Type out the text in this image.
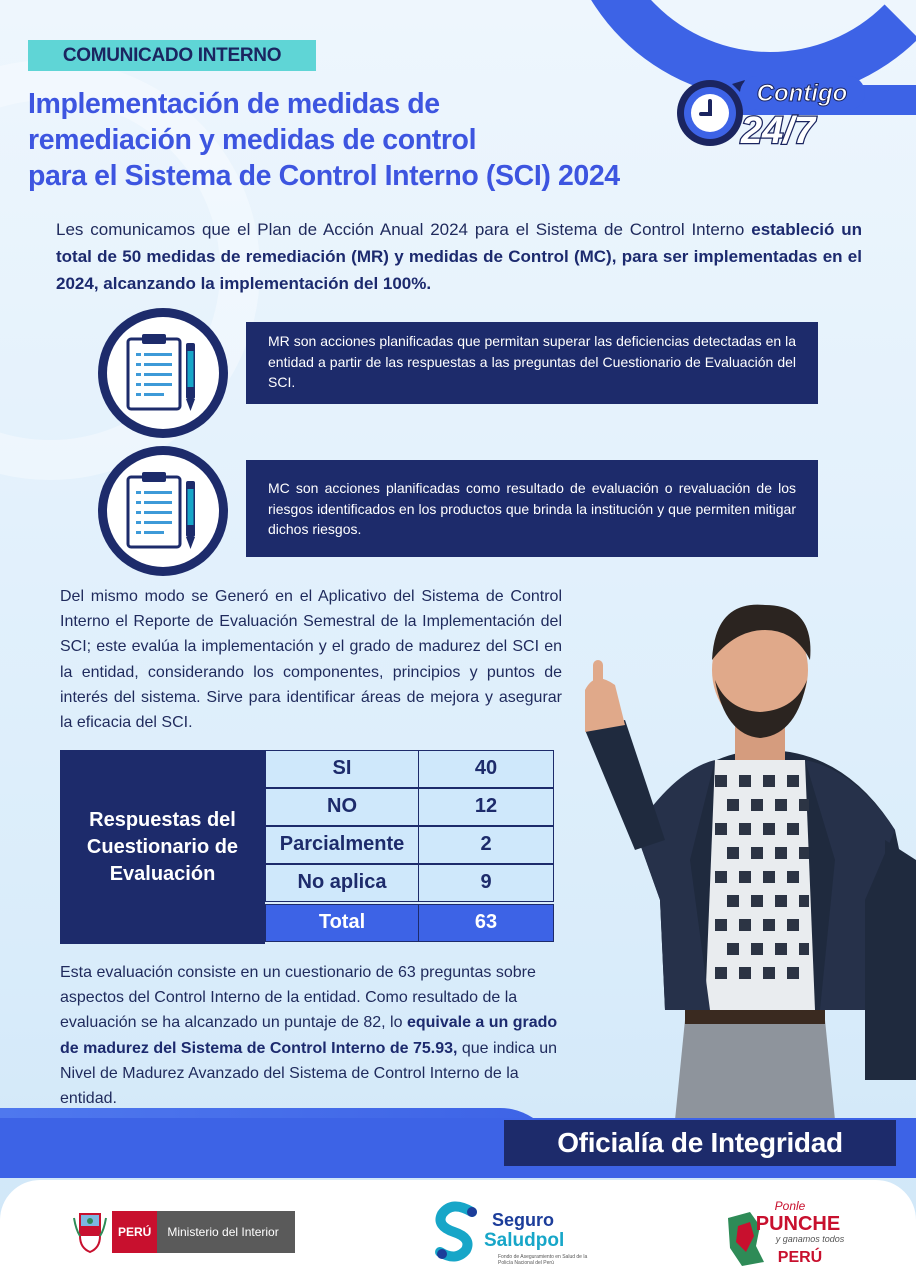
COMUNICADO INTERNO
Implementación de medidas de
remediación y medidas de control
para el Sistema de Control Interno (SCI) 2024
Contigo
24/7
Les comunicamos que el Plan de Acción Anual 2024 para el Sistema de Control Interno estableció un total de 50 medidas de remediación (MR) y medidas de Control (MC), para ser implementadas en el 2024, alcanzando la implementación del 100%.
MR son acciones planificadas que permitan superar las deficiencias detectadas en la entidad a partir de las respuestas a las preguntas del Cuestionario de Evaluación del SCI.
MC son acciones planificadas como resultado de evaluación o revaluación de los riesgos identificados en los productos que brinda la institución y que permiten mitigar dichos riesgos.
Del mismo modo se Generó en el Aplicativo del Sistema de Control Interno el Reporte de Evaluación Semestral de la Implementación del SCI; este evalúa la implementación y el grado de madurez del SCI en la entidad, considerando los componentes, principios y puntos de interés del sistema. Sirve para identificar áreas de mejora y asegurar la eficacia del SCI.
Respuestas del Cuestionario de Evaluación
SI	40
NO	12
Parcialmente	2
No aplica	9
Total	63
Esta evaluación consiste en un cuestionario de 63 preguntas sobre aspectos del Control Interno de la entidad. Como resultado de la evaluación se ha alcanzado un puntaje de 82, lo equivale a un grado de madurez del Sistema de Control Interno de 75.93, que indica un Nivel de Madurez Avanzado del Sistema de Control Interno de la entidad.
Oficialía de Integridad
PERÚ	Ministerio del Interior
Seguro
Saludpol
Fondo de Aseguramiento en Salud de la Policía Nacional del Perú
Ponle
PUNCHE
y ganamos todos
PERÚ
